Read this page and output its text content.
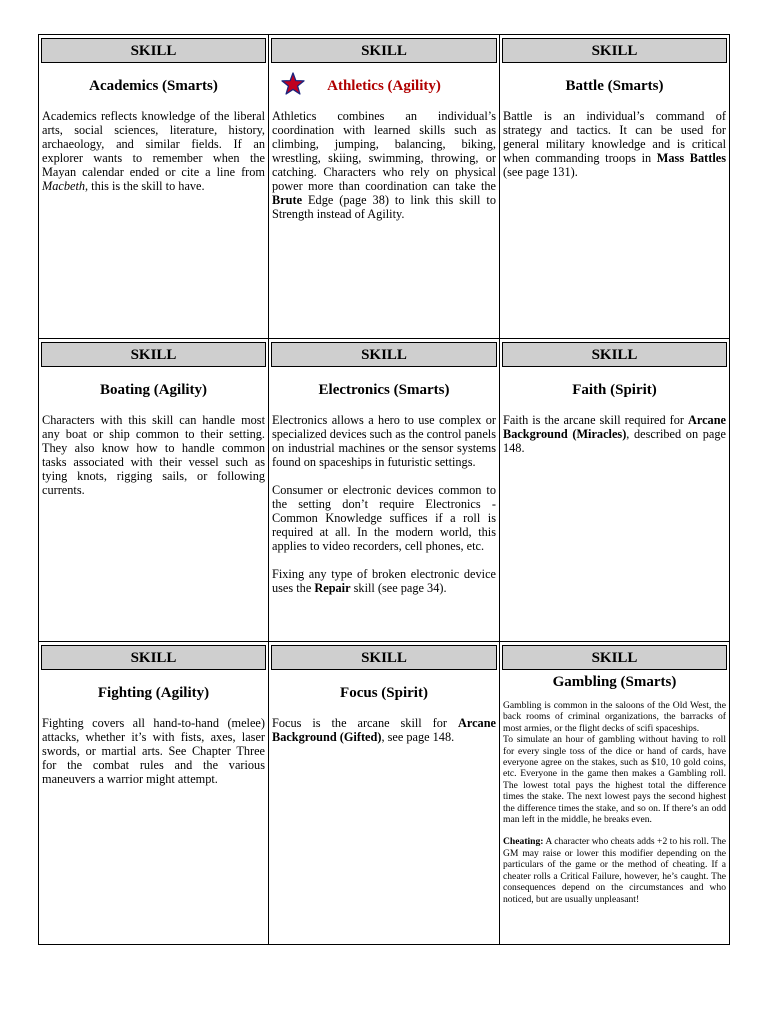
SKILL
Academics (Smarts)

Academics reflects knowledge of the liberal arts, social sciences, literature, history, archaeology, and similar fields. If an explorer wants to remember when the Mayan calendar ended or cite a line from Macbeth, this is the skill to have.

SKILL
Athletics (Agility)

Athletics combines an individual’s coordination with learned skills such as climbing, jumping, balancing, biking, wrestling, skiing, swimming, throwing, or catching. Characters who rely on physical power more than coordination can take the Brute Edge (page 38) to link this skill to Strength instead of Agility.

SKILL
Battle (Smarts)

Battle is an individual’s command of strategy and tactics. It can be used for general military knowledge and is critical when commanding troops in Mass Battles (see page 131).

SKILL
Boating (Agility)

Characters with this skill can handle most any boat or ship common to their setting. They also know how to handle common tasks associated with their vessel such as tying knots, rigging sails, or following currents.

SKILL
Electronics (Smarts)

Electronics allows a hero to use complex or specialized devices such as the control panels on industrial machines or the sensor systems found on spaceships in futuristic settings.

Consumer or electronic devices common to the setting don’t require Electronics - Common Knowledge suffices if a roll is required at all. In the modern world, this applies to video recorders, cell phones, etc.

Fixing any type of broken electronic device uses the Repair skill (see page 34).

SKILL
Faith (Spirit)

Faith is the arcane skill required for Arcane Background (Miracles), described on page 148.

SKILL
Fighting (Agility)

Fighting covers all hand-to-hand (melee) attacks, whether it’s with fists, axes, laser swords, or martial arts. See Chapter Three for the combat rules and the various maneuvers a warrior might attempt.

SKILL
Focus (Spirit)

Focus is the arcane skill for Arcane Background (Gifted), see page 148.

SKILL
Gambling (Smarts)

Gambling is common in the saloons of the Old West, the back rooms of criminal organizations, the barracks of most armies, or the flight decks of scifi spaceships.

To simulate an hour of gambling without having to roll for every single toss of the dice or hand of cards, have everyone agree on the stakes, such as $10, 10 gold coins, etc. Everyone in the game then makes a Gambling roll. The lowest total pays the highest total the difference times the stake. The next lowest pays the second highest the difference times the stake, and so on. If there’s an odd man left in the middle, he breaks even.

Cheating: A character who cheats adds +2 to his roll. The GM may raise or lower this modifier depending on the particulars of the game or the method of cheating. If a cheater rolls a Critical Failure, however, he’s caught. The consequences depend on the circumstances and who noticed, but are usually unpleasant!
